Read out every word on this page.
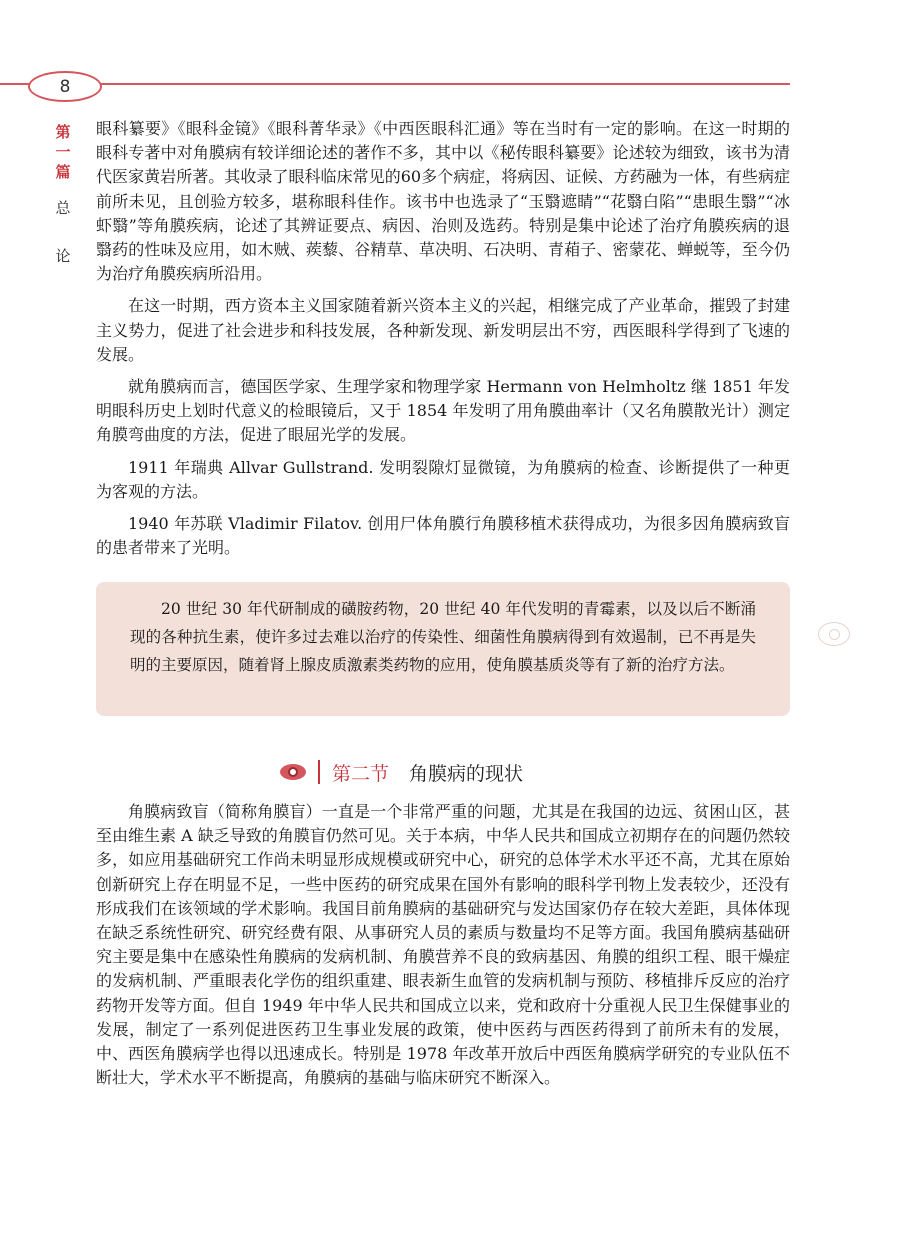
8
第一篇
总
论

眼科纂要》《眼科金镜》《眼科菁华录》《中西医眼科汇通》等在当时有一定的影响。在这一时期的眼科专著中对角膜病有较详细论述的著作不多，其中以《秘传眼科纂要》论述较为细致，该书为清代医家黄岩所著。其收录了眼科临床常见的60多个病症，将病因、证候、方药融为一体，有些病症前所未见，且创验方较多，堪称眼科佳作。该书中也选录了“玉翳遮睛”“花翳白陷”“患眼生翳”“冰虾翳”等角膜疾病，论述了其辨证要点、病因、治则及选药。特别是集中论述了治疗角膜疾病的退翳药的性味及应用，如木贼、蒺藜、谷精草、草决明、石决明、青葙子、密蒙花、蝉蜕等，至今仍为治疗角膜疾病所沿用。

在这一时期，西方资本主义国家随着新兴资本主义的兴起，相继完成了产业革命，摧毁了封建主义势力，促进了社会进步和科技发展，各种新发现、新发明层出不穷，西医眼科学得到了飞速的发展。

就角膜病而言，德国医学家、生理学家和物理学家 Hermann von Helmholtz 继 1851 年发明眼科历史上划时代意义的检眼镜后，又于 1854 年发明了用角膜曲率计（又名角膜散光计）测定角膜弯曲度的方法，促进了眼屈光学的发展。

1911 年瑞典 Allvar Gullstrand. 发明裂隙灯显微镜，为角膜病的检查、诊断提供了一种更为客观的方法。

1940 年苏联 Vladimir Filatov. 创用尸体角膜行角膜移植术获得成功，为很多因角膜病致盲的患者带来了光明。

20 世纪 30 年代研制成的磺胺药物，20 世纪 40 年代发明的青霉素，以及以后不断涌现的各种抗生素，使许多过去难以治疗的传染性、细菌性角膜病得到有效遏制，已不再是失明的主要原因，随着肾上腺皮质激素类药物的应用，使角膜基质炎等有了新的治疗方法。

第二节 角膜病的现状

角膜病致盲（简称角膜盲）一直是一个非常严重的问题，尤其是在我国的边远、贫困山区，甚至由维生素 A 缺乏导致的角膜盲仍然可见。关于本病，中华人民共和国成立初期存在的问题仍然较多，如应用基础研究工作尚未明显形成规模或研究中心，研究的总体学术水平还不高，尤其在原始创新研究上存在明显不足，一些中医药的研究成果在国外有影响的眼科学刊物上发表较少，还没有形成我们在该领域的学术影响。我国目前角膜病的基础研究与发达国家仍存在较大差距，具体体现在缺乏系统性研究、研究经费有限、从事研究人员的素质与数量均不足等方面。我国角膜病基础研究主要是集中在感染性角膜病的发病机制、角膜营养不良的致病基因、角膜的组织工程、眼干燥症的发病机制、严重眼表化学伤的组织重建、眼表新生血管的发病机制与预防、移植排斥反应的治疗药物开发等方面。但自 1949 年中华人民共和国成立以来，党和政府十分重视人民卫生保健事业的发展，制定了一系列促进医药卫生事业发展的政策，使中医药与西医药得到了前所未有的发展，中、西医角膜病学也得以迅速成长。特别是 1978 年改革开放后中西医角膜病学研究的专业队伍不断壮大，学术水平不断提高，角膜病的基础与临床研究不断深入。
